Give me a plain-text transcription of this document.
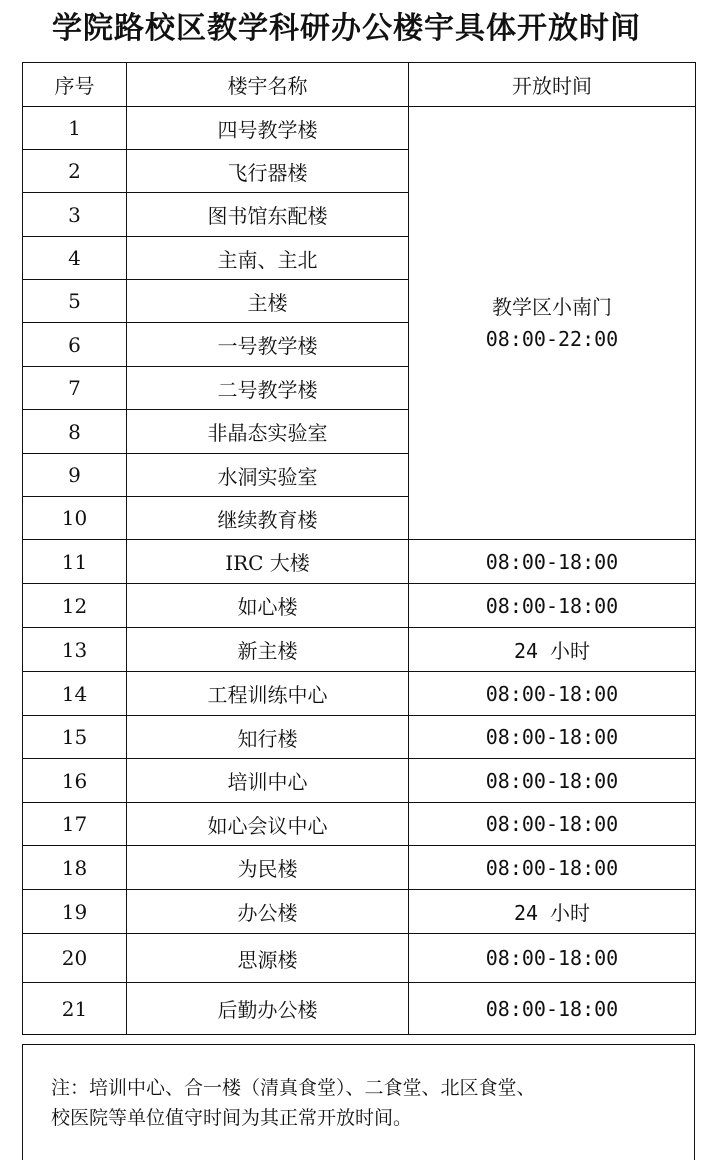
学院路校区教学科研办公楼宇具体开放时间
序号	楼宇名称	开放时间
1	四号教学楼	教学区小南门
08:00-22:00

2	飞行器楼	
3	图书馆东配楼	
4	主南、主北	
5	主楼	
6	一号教学楼	
7	二号教学楼	
8	非晶态实验室	
9	水洞实验室	
10	继续教育楼	
11	IRC 大楼	08:00-18:00
12	如心楼	08:00-18:00
13	新主楼	24 小时
14	工程训练中心	08:00-18:00
15	知行楼	08:00-18:00
16	培训中心	08:00-18:00
17	如心会议中心	08:00-18:00
18	为民楼	08:00-18:00
19	办公楼	24 小时
20	思源楼	08:00-18:00
21	后勤办公楼	08:00-18:00
注：培训中心、合一楼（清真食堂）、二食堂、北区食堂、
校医院等单位值守时间为其正常开放时间。
